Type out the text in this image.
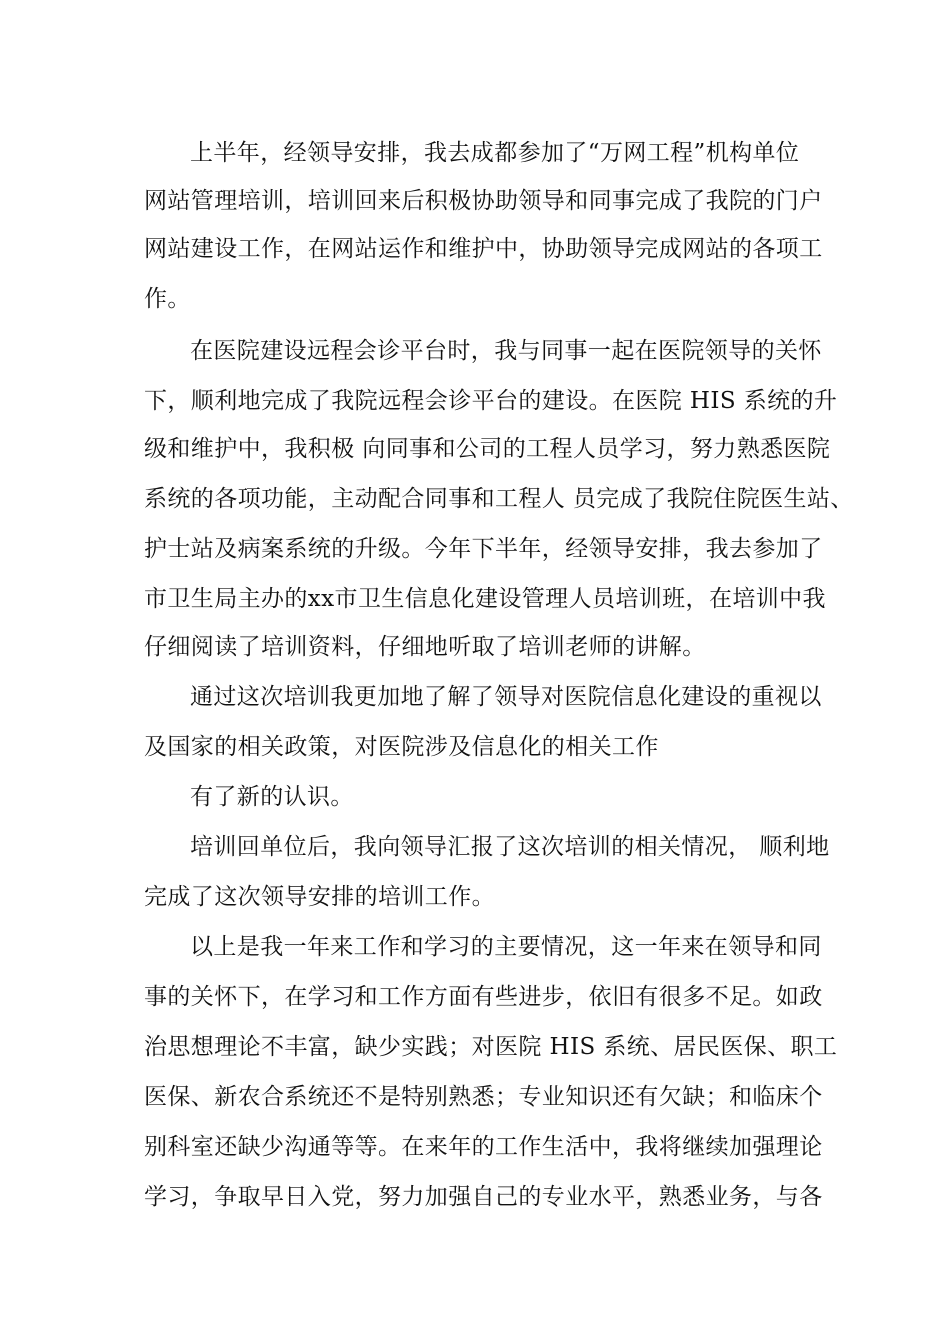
上半年，经领导安排，我去成都参加了“万网工程”机构单位
网站管理培训，培训回来后积极协助领导和同事完成了我院的门户
网站建设工作，在网站运作和维护中，协助领导完成网站的各项工
作。
在医院建设远程会诊平台时，我与同事一起在医院领导的关怀
下，顺利地完成了我院远程会诊平台的建设。在医院 HIS 系统的升
级和维护中，我积极 向同事和公司的工程人员学习，努力熟悉医院
系统的各项功能，主动配合同事和工程人 员完成了我院住院医生站、
护士站及病案系统的升级。今年下半年，经领导安排，我去参加了
市卫生局主办的xx市卫生信息化建设管理人员培训班，在培训中我
仔细阅读了培训资料，仔细地听取了培训老师的讲解。
通过这次培训我更加地了解了领导对医院信息化建设的重视以
及国家的相关政策，对医院涉及信息化的相关工作
有了新的认识。
培训回单位后，我向领导汇报了这次培训的相关情况， 顺利地
完成了这次领导安排的培训工作。
以上是我一年来工作和学习的主要情况，这一年来在领导和同
事的关怀下，在学习和工作方面有些进步，依旧有很多不足。如政
治思想理论不丰富，缺少实践；对医院 HIS 系统、居民医保、职工
医保、新农合系统还不是特别熟悉；专业知识还有欠缺；和临床个
别科室还缺少沟通等等。在来年的工作生活中，我将继续加强理论
学习，争取早日入党，努力加强自己的专业水平，熟悉业务，与各
